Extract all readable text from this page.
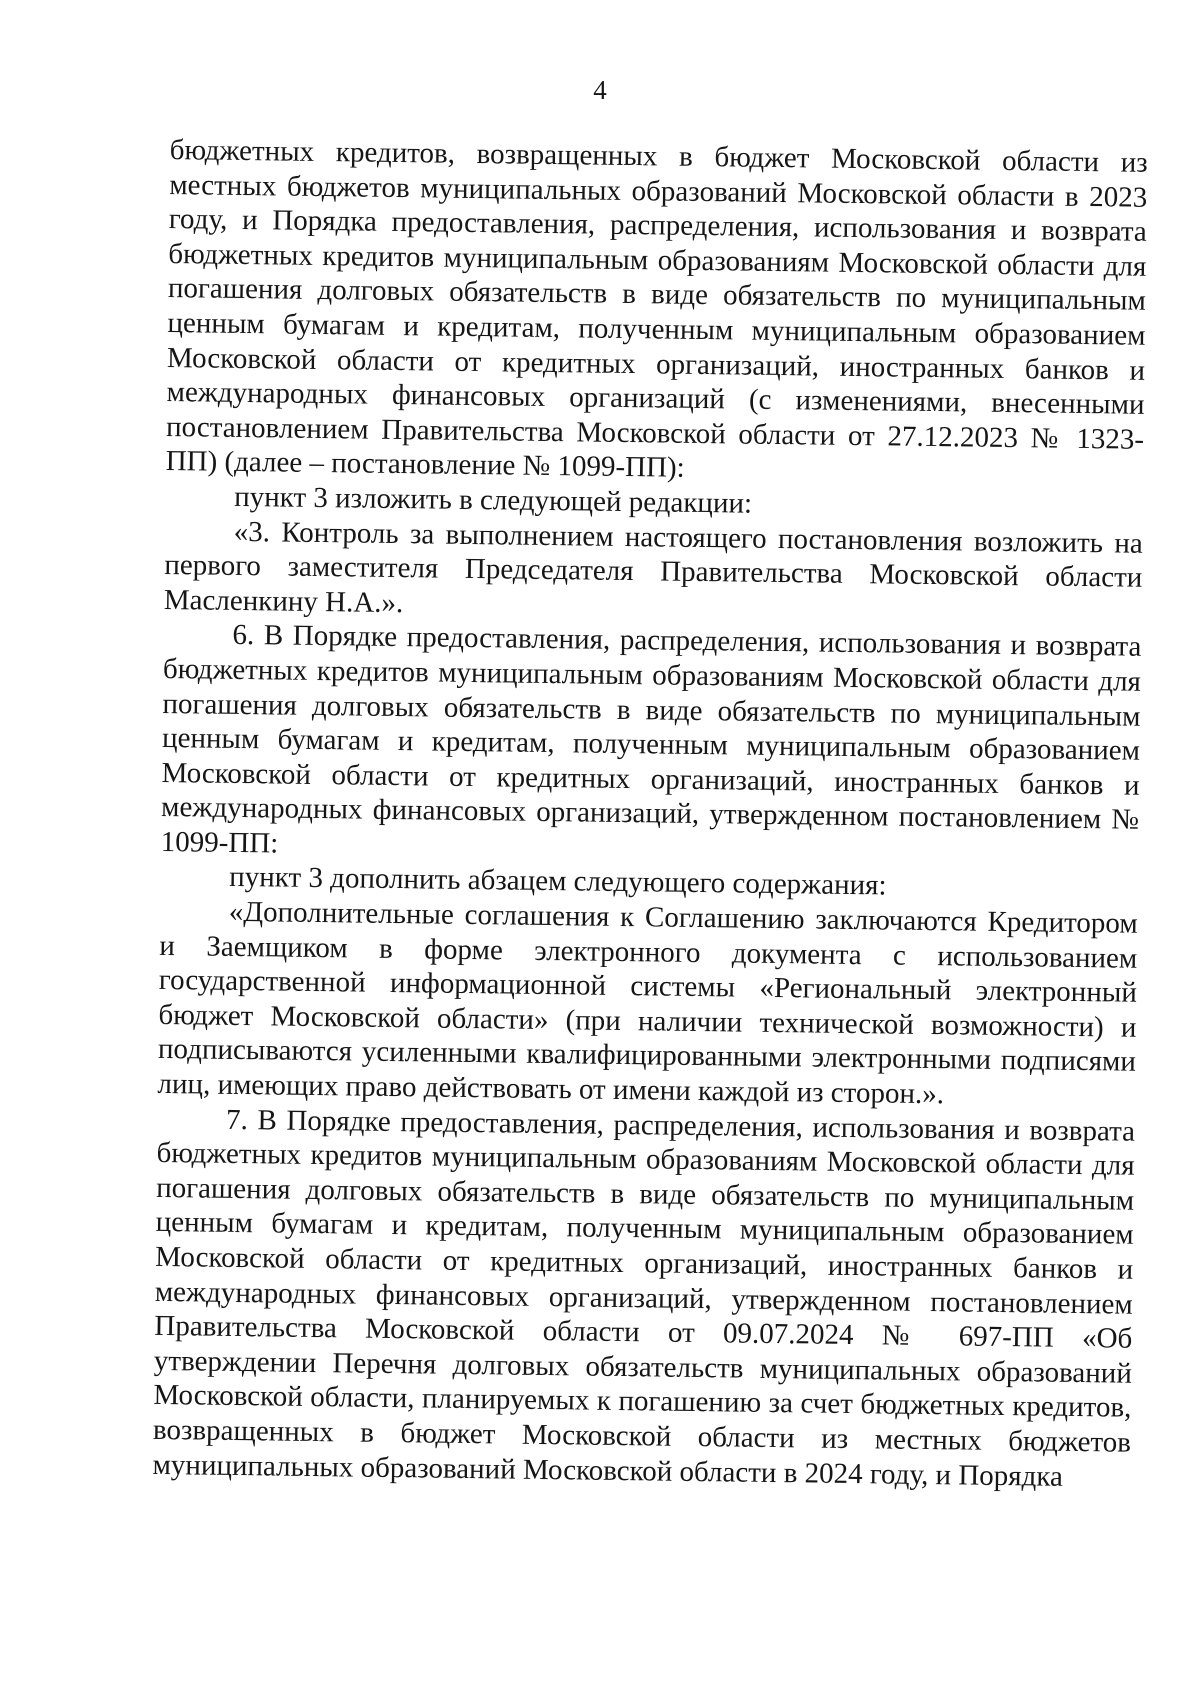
4

бюджетных кредитов, возвращенных в бюджет Московской области из местных бюджетов муниципальных образований Московской области в 2023 году, и Порядка предоставления, распределения, использования и возврата бюджетных кредитов муниципальным образованиям Московской области для погашения долговых обязательств в виде обязательств по муниципальным ценным бумагам и кредитам, полученным муниципальным образованием Московской области от кредитных организаций, иностранных банков и международных финансовых организаций (с изменениями, внесенными постановлением Правительства Московской области от 27.12.2023 № 1323-ПП) (далее – постановление № 1099-ПП):

пункт 3 изложить в следующей редакции:

«3. Контроль за выполнением настоящего постановления возложить на первого заместителя Председателя Правительства Московской области Масленкину Н.А.».

6. В Порядке предоставления, распределения, использования и возврата бюджетных кредитов муниципальным образованиям Московской области для погашения долговых обязательств в виде обязательств по муниципальным ценным бумагам и кредитам, полученным муниципальным образованием Московской области от кредитных организаций, иностранных банков и международных финансовых организаций, утвержденном постановлением № 1099-ПП:

пункт 3 дополнить абзацем следующего содержания:

«Дополнительные соглашения к Соглашению заключаются Кредитором и Заемщиком в форме электронного документа с использованием государственной информационной системы «Региональный электронный бюджет Московской области» (при наличии технической возможности) и подписываются усиленными квалифицированными электронными подписями лиц, имеющих право действовать от имени каждой из сторон.».

7. В Порядке предоставления, распределения, использования и возврата бюджетных кредитов муниципальным образованиям Московской области для погашения долговых обязательств в виде обязательств по муниципальным ценным бумагам и кредитам, полученным муниципальным образованием Московской области от кредитных организаций, иностранных банков и международных финансовых организаций, утвержденном постановлением Правительства Московской области от 09.07.2024 № 697-ПП «Об утверждении Перечня долговых обязательств муниципальных образований Московской области, планируемых к погашению за счет бюджетных кредитов, возвращенных в бюджет Московской области из местных бюджетов муниципальных образований Московской области в 2024 году, и Порядка
